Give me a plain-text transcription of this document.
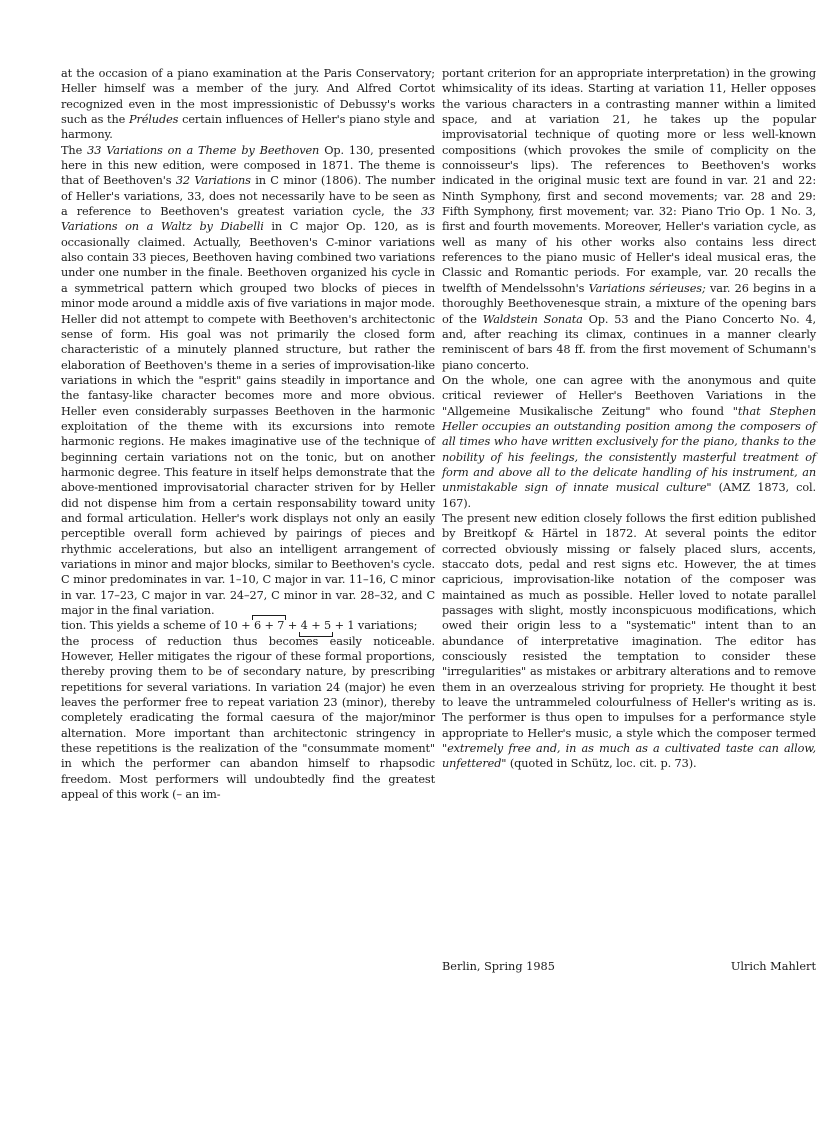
at the occasion of a piano examination at the Paris Conservatory; Heller himself was a member of the jury. And Alfred Cortot recognized even in the most impressionistic of Debussy's works such as the Préludes certain influences of Heller's piano style and harmony.

The 33 Variations on a Theme by Beethoven Op. 130, presented here in this new edition, were composed in 1871. The theme is that of Beethoven's 32 Variations in C minor (1806). The number of Heller's variations, 33, does not necessarily have to be seen as a reference to Beethoven's greatest variation cycle, the 33 Variations on a Waltz by Diabelli in C major Op. 120, as is occasionally claimed. Actually, Beethoven's C-minor variations also contain 33 pieces, Beethoven having combined two variations under one number in the finale. Beethoven organized his cycle in a symmetrical pattern which grouped two blocks of pieces in minor mode around a middle axis of five variations in major mode. Heller did not attempt to compete with Beethoven's architectonic sense of form. His goal was not primarily the closed form characteristic of a minutely planned structure, but rather the elaboration of Beethoven's theme in a series of improvisation-like variations in which the "esprit" gains steadily in importance and the fantasy-like character becomes more and more obvious. Heller even considerably surpasses Beethoven in the harmonic exploitation of the theme with its excursions into remote harmonic regions. He makes imaginative use of the technique of beginning certain variations not on the tonic, but on another harmonic degree. This feature in itself helps demonstrate that the above-mentioned improvisatorial character striven for by Heller did not dispense him from a certain responsability toward unity and formal articulation. Heller's work displays not only an easily perceptible overall form achieved by pairings of pieces and rhythmic accelerations, but also an intelligent arrangement of variations in minor and major blocks, similar to Beethoven's cycle. C minor predominates in var. 1–10, C major in var. 11–16, C minor in var. 17–23, C major in var. 24–27, C minor in var. 28–32, and C major in the final variation.

tion. This yields a scheme of 10 + 6 + 7 + 4 + 5 + 1 variations;

the process of reduction thus becomes easily noticeable. However, Heller mitigates the rigour of these formal proportions, thereby proving them to be of secondary nature, by prescribing repetitions for several variations. In variation 24 (major) he even leaves the performer free to repeat variation 23 (minor), thereby completely eradicating the formal caesura of the major/minor alternation. More important than architectonic stringency in these repetitions is the realization of the "consummate moment" in which the performer can abandon himself to rhapsodic freedom. Most performers will undoubtedly find the greatest appeal of this work (– an im-

portant criterion for an appropriate interpretation) in the growing whimsicality of its ideas. Starting at variation 11, Heller opposes the various characters in a contrasting manner within a limited space, and at variation 21, he takes up the popular improvisatorial technique of quoting more or less well-known compositions (which provokes the smile of complicity on the connoisseur's lips). The references to Beethoven's works indicated in the original music text are found in var. 21 and 22: Ninth Symphony, first and second movements; var. 28 and 29: Fifth Symphony, first movement; var. 32: Piano Trio Op. 1 No. 3, first and fourth movements. Moreover, Heller's variation cycle, as well as many of his other works also contains less direct references to the piano music of Heller's ideal musical eras, the Classic and Romantic periods. For example, var. 20 recalls the twelfth of Mendelssohn's Variations sérieuses; var. 26 begins in a thoroughly Beethovenesque strain, a mixture of the opening bars of the Waldstein Sonata Op. 53 and the Piano Concerto No. 4, and, after reaching its climax, continues in a manner clearly reminiscent of bars 48 ff. from the first movement of Schumann's piano concerto.

On the whole, one can agree with the anonymous and quite critical reviewer of Heller's Beethoven Variations in the "Allgemeine Musikalische Zeitung" who found "that Stephen Heller occupies an outstanding position among the composers of all times who have written exclusively for the piano, thanks to the nobility of his feelings, the consistently masterful treatment of form and above all to the delicate handling of his instrument, an unmistakable sign of innate musical culture" (AMZ 1873, col. 167).

The present new edition closely follows the first edition published by Breitkopf & Härtel in 1872. At several points the editor corrected obviously missing or falsely placed slurs, accents, staccato dots, pedal and rest signs etc. However, the at times capricious, improvisation-like notation of the composer was maintained as much as possible. Heller loved to notate parallel passages with slight, mostly inconspicuous modifications, which owed their origin less to a "systematic" intent than to an abundance of interpretative imagination. The editor has consciously resisted the temptation to consider these "irregularities" as mistakes or arbitrary alterations and to remove them in an overzealous striving for propriety. He thought it best to leave the untrammeled colourfulness of Heller's writing as is. The performer is thus open to impulses for a performance style appropriate to Heller's music, a style which the composer termed "extremely free and, in as much as a cultivated taste can allow, unfettered" (quoted in Schütz, loc. cit. p. 73).

Berlin, Spring 1985	Ulrich Mahlert
